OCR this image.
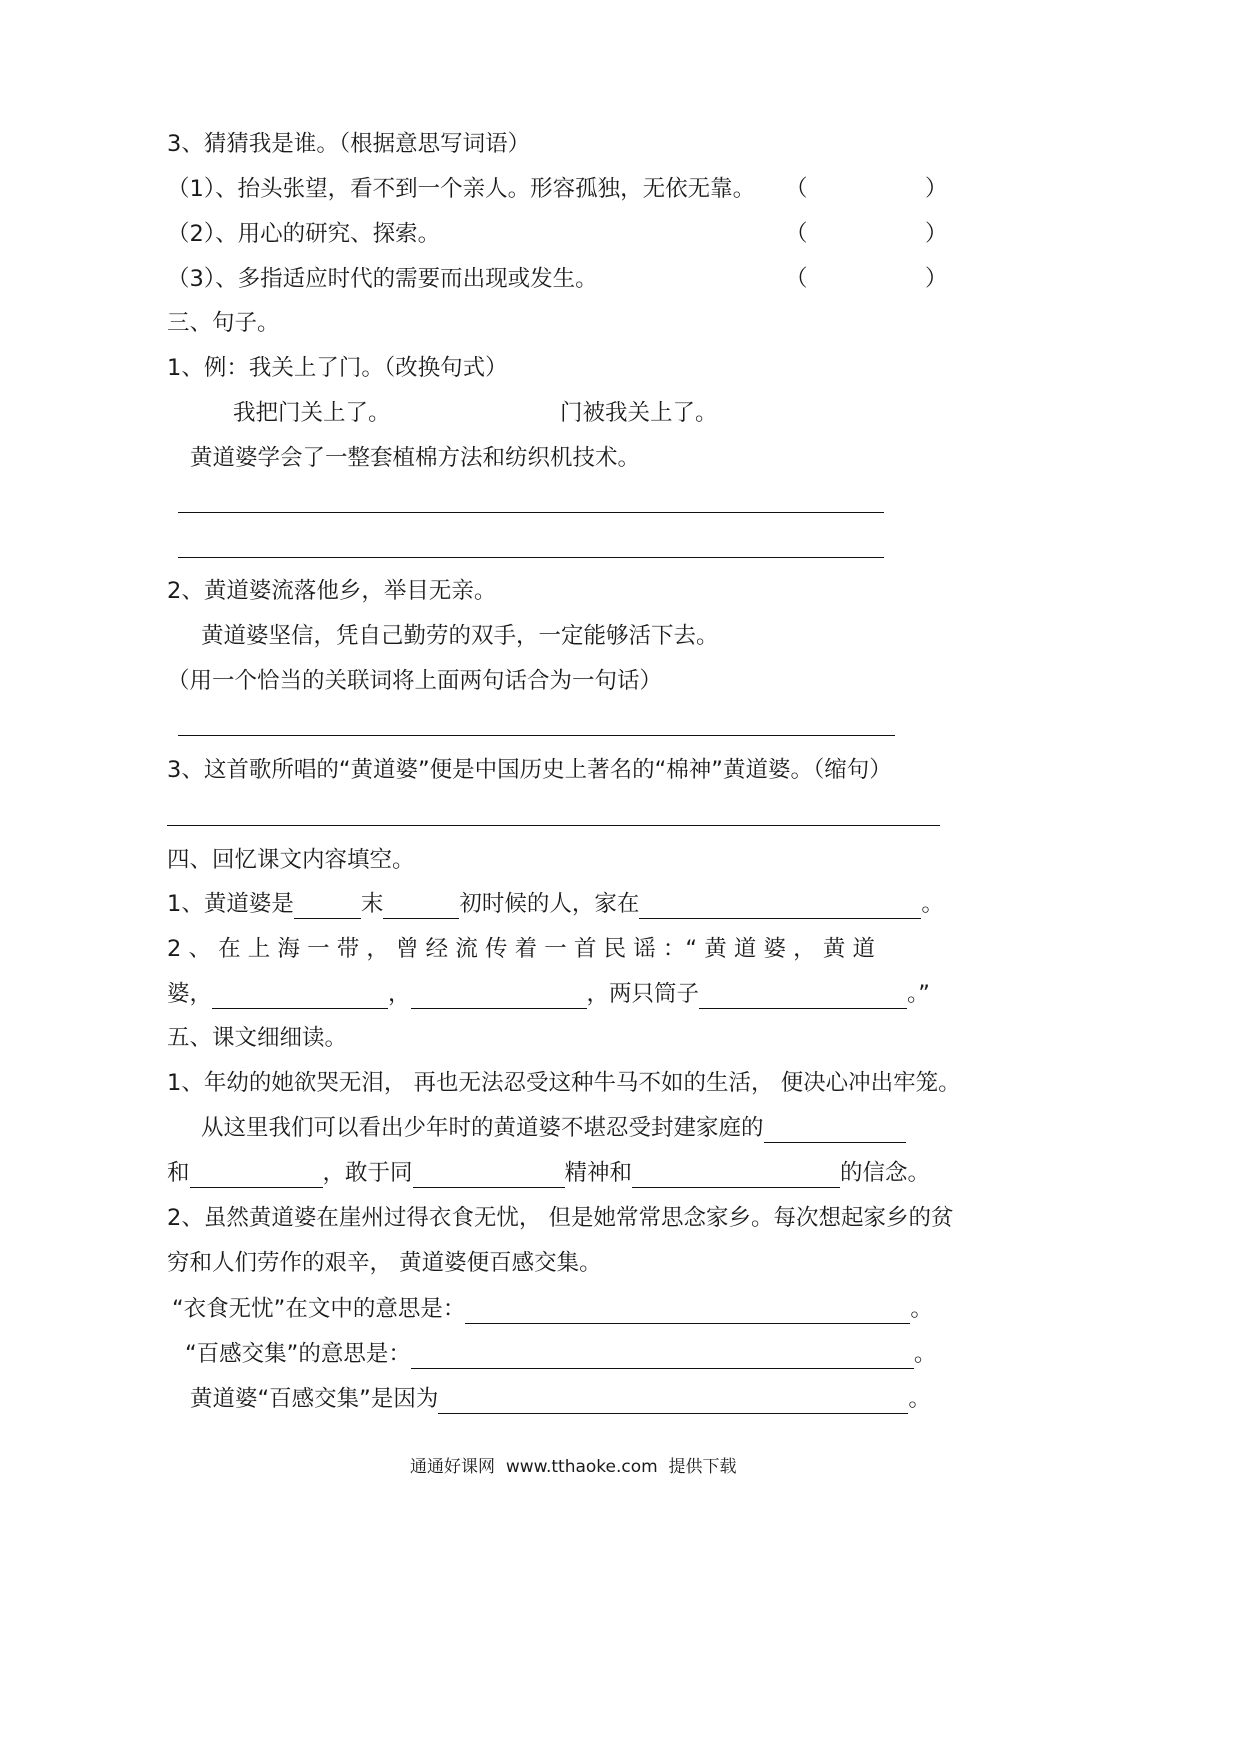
3、猜猜我是谁。（根据意思写词语）
（1）、抬头张望，看不到一个亲人。形容孤独，无依无靠。 （	）
（2）、用心的研究、探索。	（	）
（3）、多指适应时代的需要而出现或发生。	（	）
三、句子。
1、例：我关上了门。（改换句式）
我把门关上了。	门被我关上了。
黄道婆学会了一整套植棉方法和纺织机技术。
2、黄道婆流落他乡，举目无亲。
黄道婆坚信，凭自己勤劳的双手，一定能够活下去。
（用一个恰当的关联词将上面两句话合为一句话）
3、这首歌所唱的“黄道婆”便是中国历史上著名的“棉神”黄道婆。（缩句）
四、回忆课文内容填空。
1、黄道婆是	末	初时候的人，家在	。
2 、 在 上 海 一 带 ， 曾 经 流 传 着 一 首 民 谣 ：“ 黄 道 婆 ， 黄 道
婆，	，	，两只筒子	。”
五、课文细细读。
1、年幼的她欲哭无泪， 再也无法忍受这种牛马不如的生活， 便决心冲出牢笼。
从这里我们可以看出少年时的黄道婆不堪忍受封建家庭的
和	，敢于同	精神和	的信念。
2、虽然黄道婆在崖州过得衣食无忧， 但是她常常思念家乡。每次想起家乡的贫
穷和人们劳作的艰辛， 黄道婆便百感交集。
“衣食无忧”在文中的意思是：	。
“百感交集”的意思是：	。
黄道婆“百感交集”是因为	。
通通好课网 www.tthaoke.com 提供下载
